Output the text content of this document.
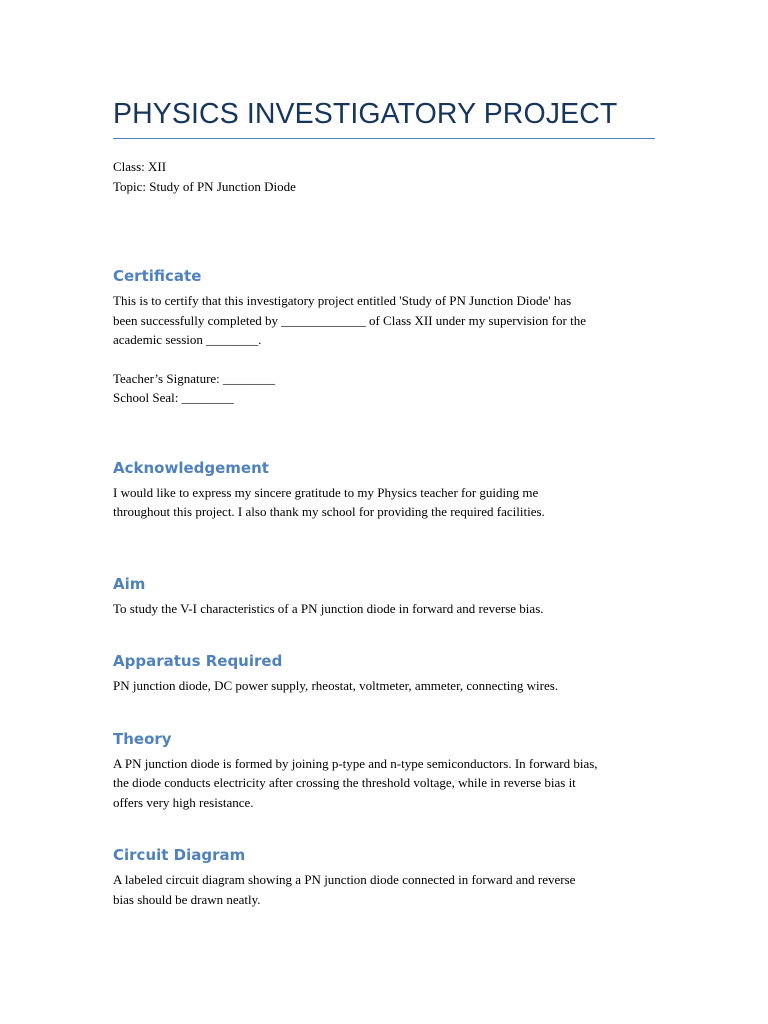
PHYSICS INVESTIGATORY PROJECT

Class: XII

Topic: Study of PN Junction Diode

Certificate

This is to certify that this investigatory project entitled 'Study of PN Junction Diode' has

been successfully completed by _____________ of Class XII under my supervision for the

academic session ________.

Teacher’s Signature: ________

School Seal: ________

Acknowledgement

I would like to express my sincere gratitude to my Physics teacher for guiding me

throughout this project. I also thank my school for providing the required facilities.

Aim

To study the V-I characteristics of a PN junction diode in forward and reverse bias.

Apparatus Required

PN junction diode, DC power supply, rheostat, voltmeter, ammeter, connecting wires.

Theory

A PN junction diode is formed by joining p-type and n-type semiconductors. In forward bias,

the diode conducts electricity after crossing the threshold voltage, while in reverse bias it

offers very high resistance.

Circuit Diagram

A labeled circuit diagram showing a PN junction diode connected in forward and reverse

bias should be drawn neatly.
